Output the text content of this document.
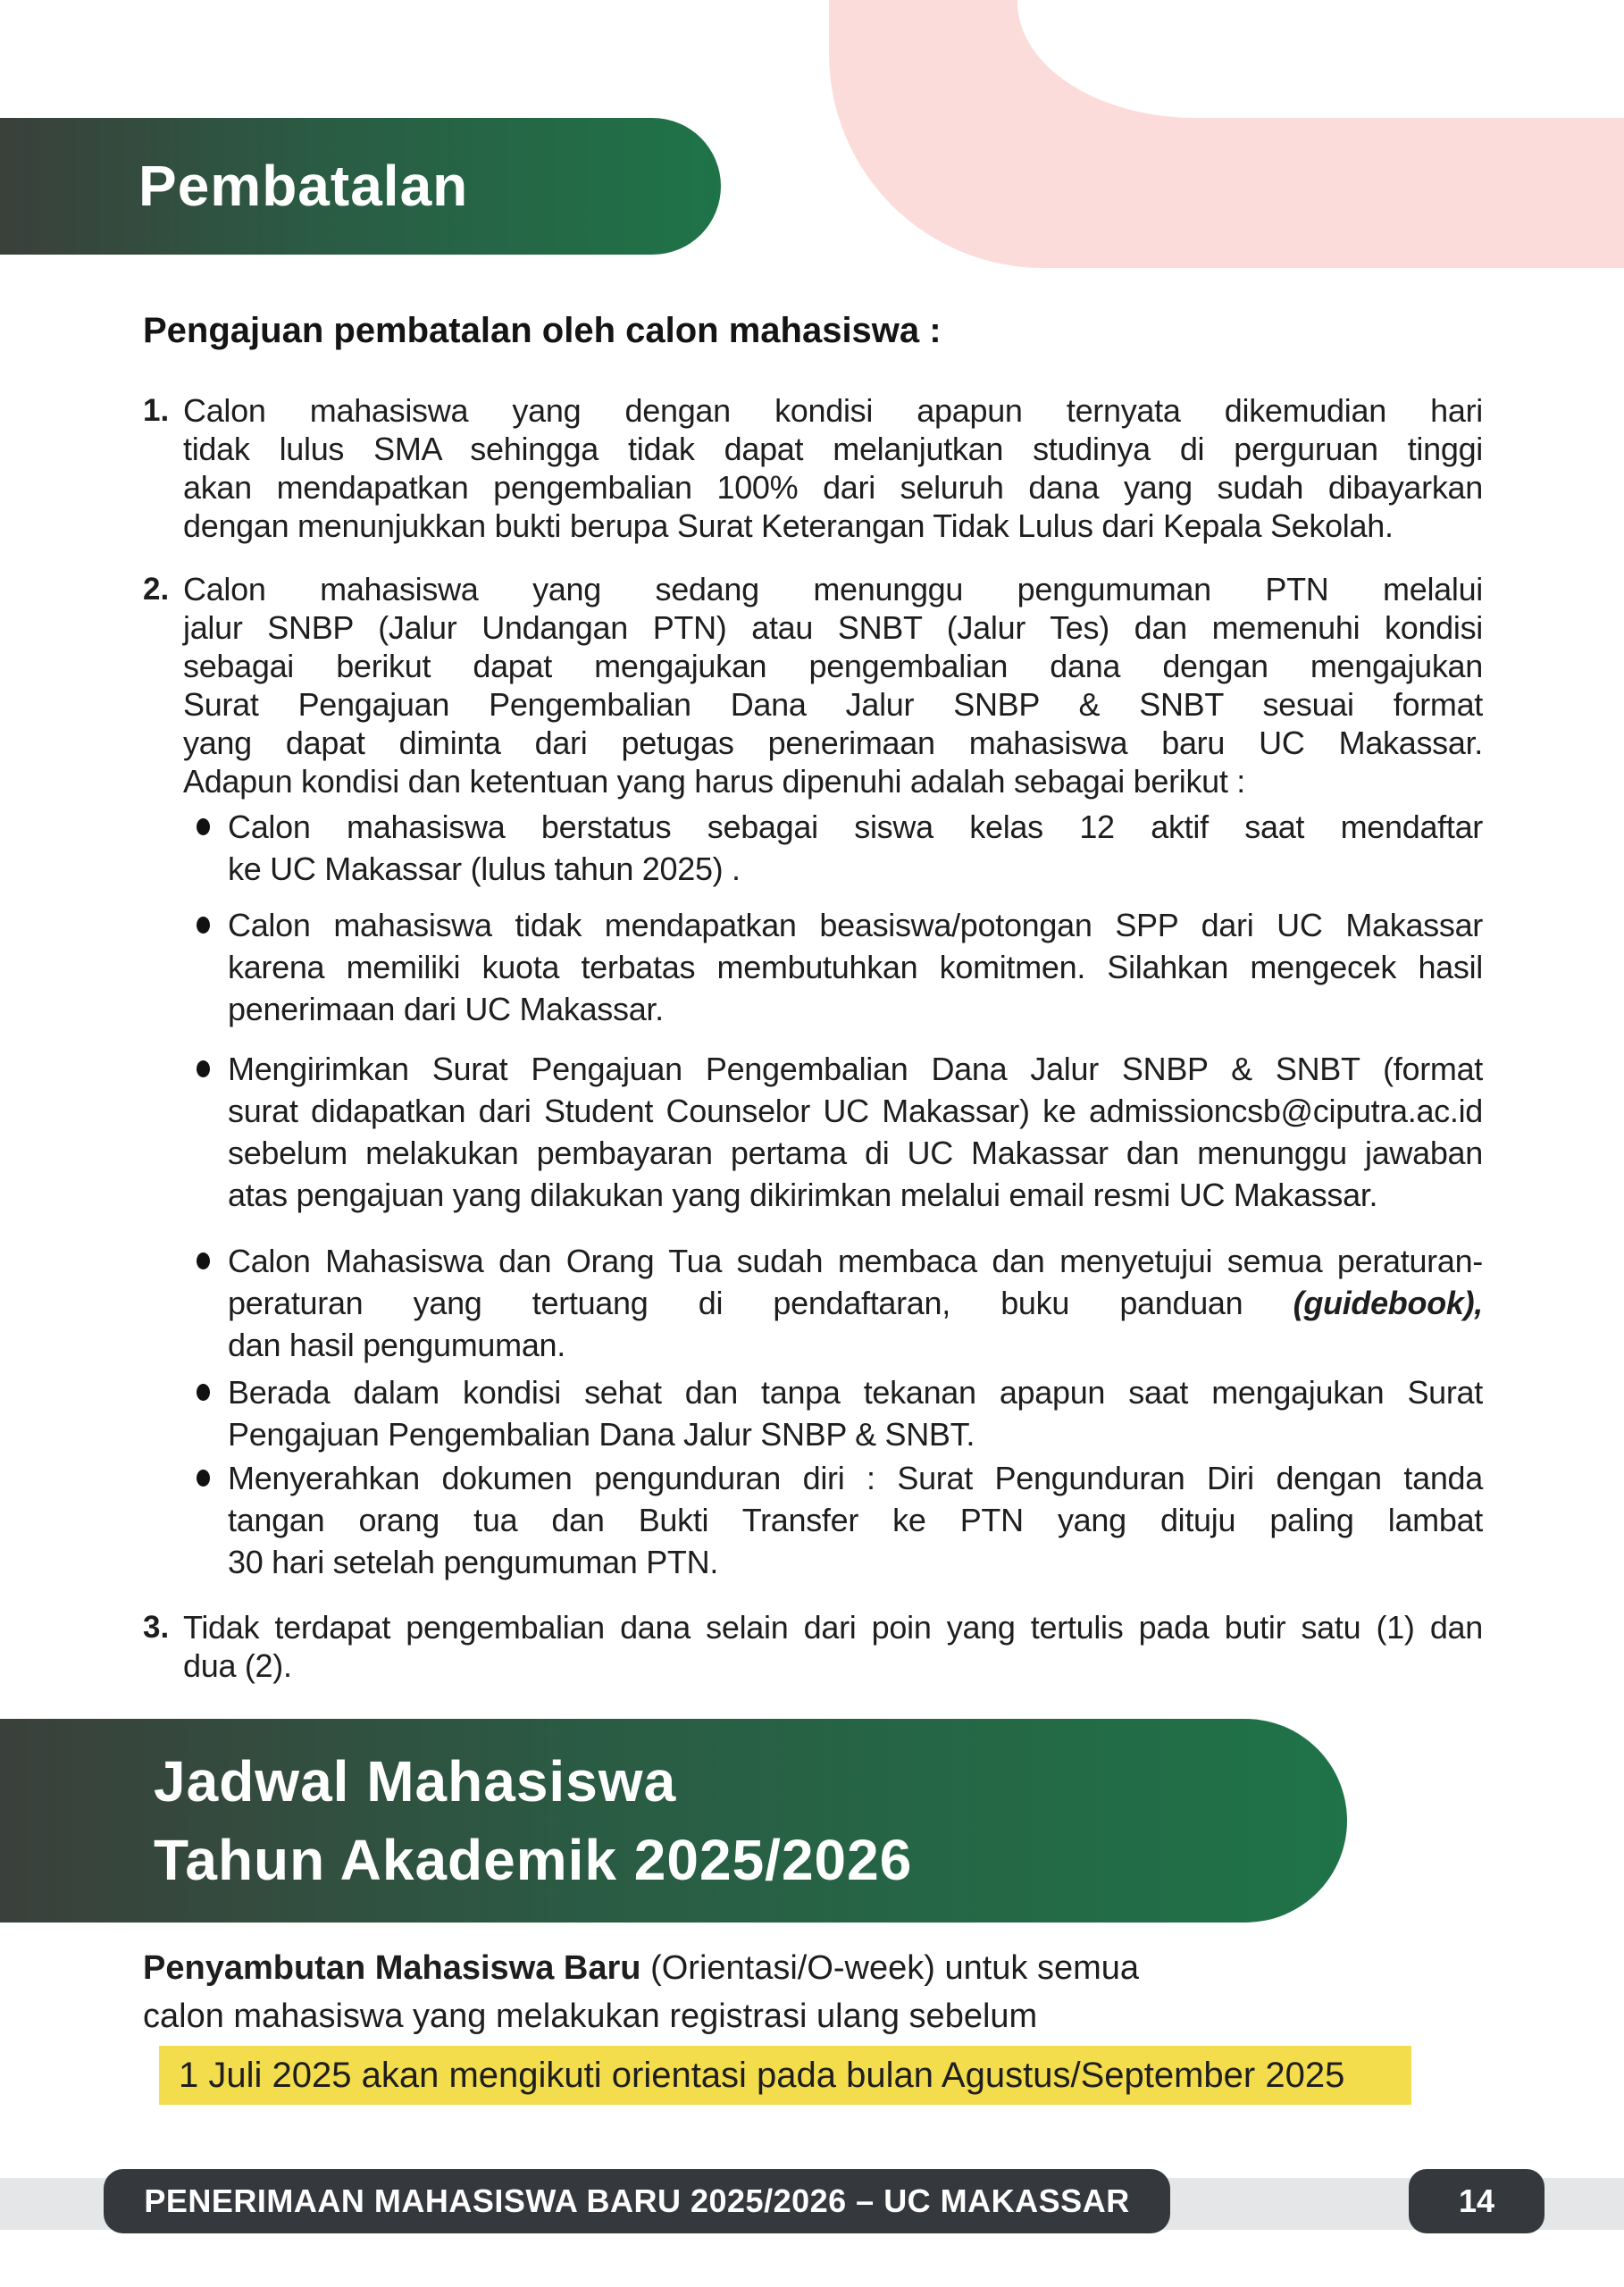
Pembatalan
Pengajuan pembatalan oleh calon mahasiswa :
1. Calon mahasiswa yang dengan kondisi apapun ternyata dikemudian hari
tidak lulus SMA sehingga tidak dapat melanjutkan studinya di perguruan tinggi
akan mendapatkan pengembalian 100% dari seluruh dana yang sudah dibayarkan
dengan menunjukkan bukti berupa Surat Keterangan Tidak Lulus dari Kepala Sekolah.
2. Calon mahasiswa yang sedang menunggu pengumuman PTN melalui
jalur SNBP (Jalur Undangan PTN) atau SNBT (Jalur Tes) dan memenuhi kondisi
sebagai berikut dapat mengajukan pengembalian dana dengan mengajukan
Surat Pengajuan Pengembalian Dana Jalur SNBP & SNBT sesuai format
yang dapat diminta dari petugas penerimaan mahasiswa baru UC Makassar.
Adapun kondisi dan ketentuan yang harus dipenuhi adalah sebagai berikut :
Calon mahasiswa berstatus sebagai siswa kelas 12 aktif saat mendaftar
ke UC Makassar (lulus tahun 2025) .
Calon mahasiswa tidak mendapatkan beasiswa/potongan SPP dari UC Makassar
karena memiliki kuota terbatas membutuhkan komitmen. Silahkan mengecek hasil
penerimaan dari UC Makassar.
Mengirimkan Surat Pengajuan Pengembalian Dana Jalur SNBP & SNBT (format
surat didapatkan dari Student Counselor UC Makassar) ke admissioncsb@ciputra.ac.id
sebelum melakukan pembayaran pertama di UC Makassar dan menunggu jawaban
atas pengajuan yang dilakukan yang dikirimkan melalui email resmi UC Makassar.
Calon Mahasiswa dan Orang Tua sudah membaca dan menyetujui semua peraturan-
peraturan yang tertuang di pendaftaran, buku panduan (guidebook),
dan hasil pengumuman.
Berada dalam kondisi sehat dan tanpa tekanan apapun saat mengajukan Surat
Pengajuan Pengembalian Dana Jalur SNBP & SNBT.
Menyerahkan dokumen pengunduran diri : Surat Pengunduran Diri dengan tanda
tangan orang tua dan Bukti Transfer ke PTN yang dituju paling lambat
30 hari setelah pengumuman PTN.
3. Tidak terdapat pengembalian dana selain dari poin yang tertulis pada butir satu (1) dan
dua (2).
Jadwal Mahasiswa
Tahun Akademik 2025/2026
Penyambutan Mahasiswa Baru (Orientasi/O-week) untuk semua
calon mahasiswa yang melakukan registrasi ulang sebelum
1 Juli 2025 akan mengikuti orientasi pada bulan Agustus/September 2025
PENERIMAAN MAHASISWA BARU 2025/2026 – UC MAKASSAR	14
